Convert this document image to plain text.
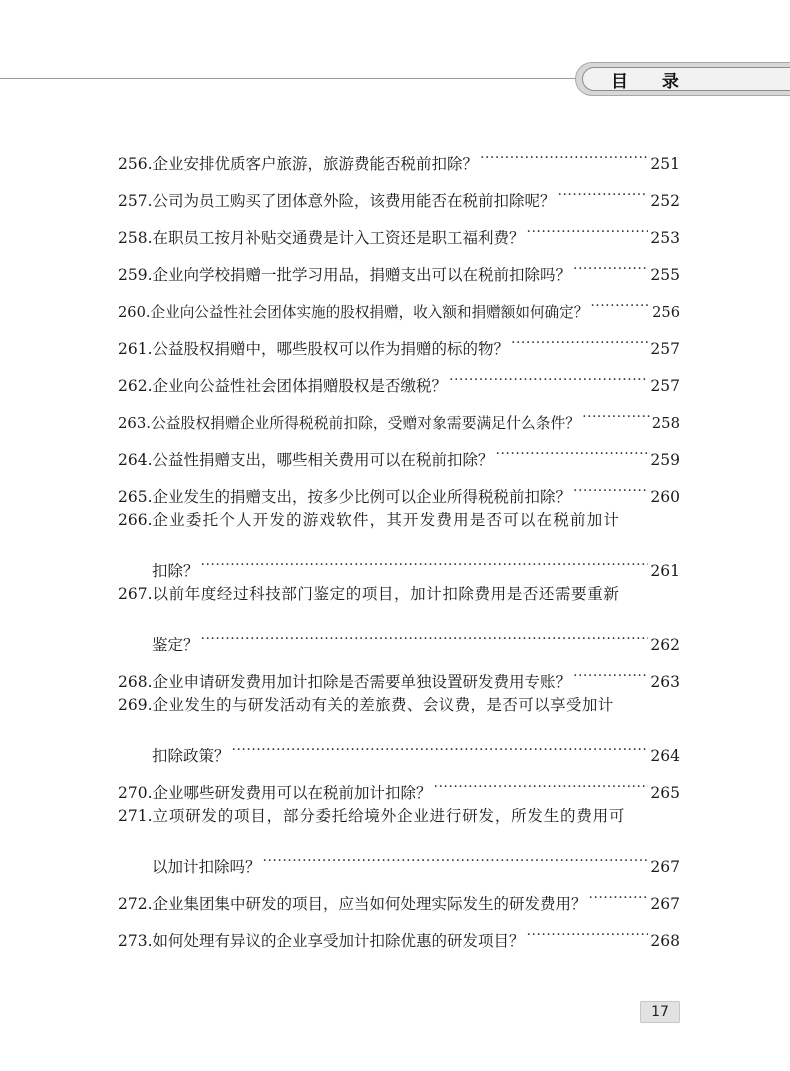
目 录
256. 企业安排优质客户旅游，旅游费能否税前扣除？ .....	251
257. 公司为员工购买了团体意外险，该费用能否在税前扣除呢？ .....	252
258. 在职员工按月补贴交通费是计入工资还是职工福利费？ .....	253
259. 企业向学校捐赠一批学习用品，捐赠支出可以在税前扣除吗？ .....	255
260. 企业向公益性社会团体实施的股权捐赠，收入额和捐赠额如何确定？ .....	256
261. 公益股权捐赠中，哪些股权可以作为捐赠的标的物？ .....	257
262. 企业向公益性社会团体捐赠股权是否缴税？ .....	257
263. 公益股权捐赠企业所得税税前扣除，受赠对象需要满足什么条件？ .....	258
264. 公益性捐赠支出，哪些相关费用可以在税前扣除？ .....	259
265. 企业发生的捐赠支出，按多少比例可以企业所得税税前扣除？ .....	260
266. 企业委托个人开发的游戏软件，其开发费用是否可以在税前加计
扣除？ .....	261
267. 以前年度经过科技部门鉴定的项目，加计扣除费用是否还需要重新
鉴定？ .....	262
268. 企业申请研发费用加计扣除是否需要单独设置研发费用专账？ .....	263
269. 企业发生的与研发活动有关的差旅费、会议费，是否可以享受加计
扣除政策？ .....	264
270. 企业哪些研发费用可以在税前加计扣除？ .....	265
271. 立项研发的项目，部分委托给境外企业进行研发，所发生的费用可
以加计扣除吗？ .....	267
272. 企业集团集中研发的项目，应当如何处理实际发生的研发费用？ .....	267
273. 如何处理有异议的企业享受加计扣除优惠的研发项目？ .....	268
17
